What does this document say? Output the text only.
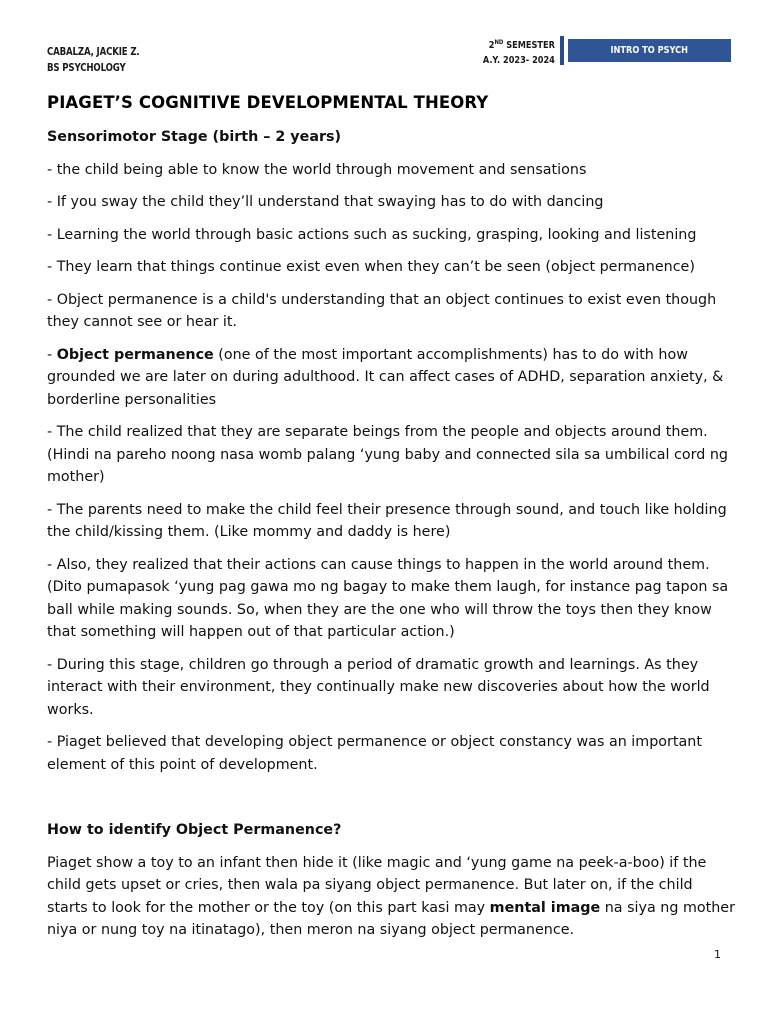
CABALZA, JACKIE Z.
BS PSYCHOLOGY
2ND SEMESTER
A.Y. 2023- 2024
INTRO TO PSYCH
PIAGET’S COGNITIVE DEVELOPMENTAL THEORY

Sensorimotor Stage (birth – 2 years)

- the child being able to know the world through movement and sensations

- If you sway the child they’ll understand that swaying has to do with dancing

- Learning the world through basic actions such as sucking, grasping, looking and listening

- They learn that things continue exist even when they can’t be seen (object permanence)

- Object permanence is a child's understanding that an object continues to exist even though they cannot see or hear it.

- Object permanence (one of the most important accomplishments) has to do with how grounded we are later on during adulthood. It can affect cases of ADHD, separation anxiety, & borderline personalities

- The child realized that they are separate beings from the people and objects around them. (Hindi na pareho noong nasa womb palang ‘yung baby and connected sila sa umbilical cord ng mother)

- The parents need to make the child feel their presence through sound, and touch like holding the child/kissing them. (Like mommy and daddy is here)

- Also, they realized that their actions can cause things to happen in the world around them. (Dito pumapasok ‘yung pag gawa mo ng bagay to make them laugh, for instance pag tapon sa ball while making sounds. So, when they are the one who will throw the toys then they know that something will happen out of that particular action.)

- During this stage, children go through a period of dramatic growth and learnings. As they interact with their environment, they continually make new discoveries about how the world works.

- Piaget believed that developing object permanence or object constancy was an important element of this point of development.

How to identify Object Permanence?

Piaget show a toy to an infant then hide it (like magic and ‘yung game na peek-a-boo) if the child gets upset or cries, then wala pa siyang object permanence. But later on, if the child starts to look for the mother or the toy (on this part kasi may mental image na siya ng mother niya or nung toy na itinatago), then meron na siyang object permanence.

1
